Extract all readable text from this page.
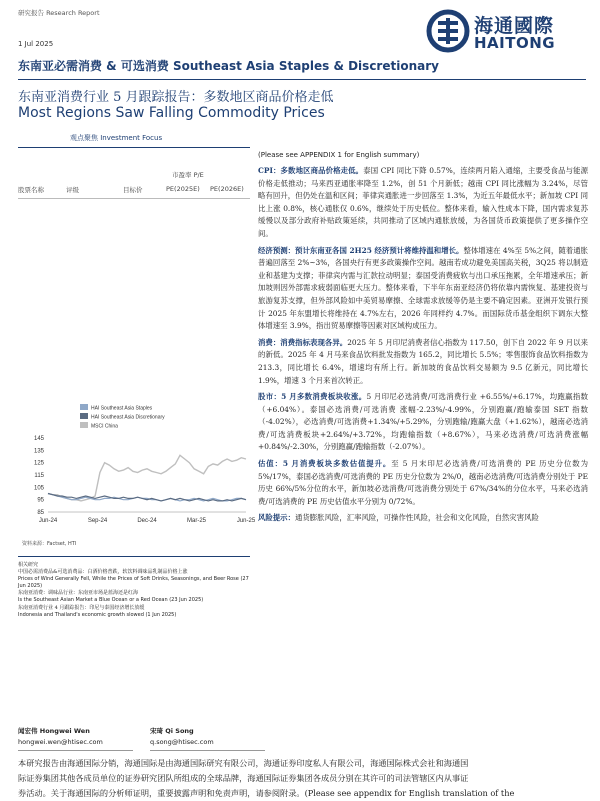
研究报告 Research Report
1 Jul 2025
海通國際
HAITONG
东南亚必需消费 & 可选消费 Southeast Asia Staples & Discretionary
东南亚消费行业 5 月跟踪报告：多数地区商品价格走低
Most Regions Saw Falling Commodity Prices
观点聚焦 Investment Focus
市盈率 P/E
股票名称	评级	目标价	PE(2025E) PE(2026E)
HAI Southeast Asia Staples
HAI Southeast Asia Discretionary
MSCI China
85
95
105
115
125
135
145
Jun-24	Sep-24	Dec-24	Mar-25	Jun-25
资料来源：Factset, HTI
相关研究
中国必需消费品&可选消费品：白酒价格普跌，软饮料调味品乳制品价格上涨
Prices of Wind Generally Fell, While the Prices of Soft Drinks, Seasonings, and Beer Rose (27 Jun 2025)
东南亚消费：调味品行业：东南亚市场是蓝海还是红海
Is the Southeast Asian Market a Blue Ocean or a Red Ocean (23 Jun 2025)
东南亚消费行业 4 月跟踪报告：印尼与泰国经济增长放缓
Indonesia and Thailand's economic growth slowed (1 Jun 2025)
(Please see APPENDIX 1 for English summary)

CPI：多数地区商品价格走低。泰国 CPI 同比下降 0.57%，连续两月陷入通缩，主要受食品与能源价格走低推动；马来西亚通胀率降至 1.2%，创 51 个月新低；越南 CPI 同比涨幅为 3.24%，尽管略有回升，但仍处在温和区间；菲律宾通胀进一步回落至 1.3%，为近五年最低水平；新加坡 CPI 同比上涨 0.8%，核心通胀仅 0.6%，继续处于历史低位。整体来看，输入性成本下降，国内需求复苏缓慢以及部分政府补贴政策延续，共同推动了区域内通胀放缓，为各国货币政策提供了更多操作空间。

经济预测：预计东南亚各国 2H25 经济预计将维持温和增长。整体增速在 4%至 5%之间，随着通胀普遍回落至 2%~3%，各国央行有更多政策操作空间。越南若成功避免美国高关税，3Q25 将以制造业和基建为支撑；菲律宾内需与汇款拉动明显；泰国受消费疲软与出口承压拖累，全年增速承压；新加坡则因外部需求疲弱面临更大压力。整体来看，下半年东南亚经济仍将依靠内需恢复、基建投资与旅游复苏支撑，但外部风险如中美贸易摩擦、全球需求放缓等仍是主要不确定因素。亚洲开发银行预计 2025 年东盟增长将维持在 4.7%左右，2026 年同样约 4.7%。而国际货币基金组织下调东大整体增速至 3.9%，指出贸易摩擦等因素对区域构成压力。

消费：消费指标表现各异。2025 年 5 月印尼消费者信心指数为 117.50，创下自 2022 年 9 月以来的新低。2025 年 4 月马来食品饮料批发指数为 165.2，同比增长 5.5%；零售服饰食品饮料指数为 213.3，同比增长 6.4%，增速均有所上行。新加坡的食品饮料交易额为 9.5 亿新元，同比增长 1.9%，增速 3 个月来首次转正。

股市：5 月多数消费板块收涨。5 月印尼必选消费/可选消费行业 +6.55%/+6.17%，均跑赢指数（+6.04%）。泰国必选消费/可选消费 涨幅-2.23%/-4.99%，分别跑赢/跑输泰国 SET 指数（-4.02%），必选消费/可选消费+1.34%/+5.29%，分别跑输/跑赢大盘（+1.62%），越南必选消费/可选消费板块+2.64%/+3.72%，均跑输指数（+8.67%），马来必选消费/可选消费涨幅+0.84%/-2.30%，分别跑赢/跑输指数（-2.07%）。

估值：5 月消费板块多数估值提升。至 5 月末印尼必选消费/可选消费的 PE 历史分位数为 5%/17%，泰国必选消费/可选消费的 PE 历史分位数为 2%/0，越南必选消费/可选消费分别处于 PE 历史 66%/5%分位的水平，新加坡必选消费/可选消费分别处于 67%/34%的分位水平，马来必选消费/可选消费的 PE 历史估值水平分别为 0/72%。

风险提示：通货膨胀风险，汇率风险，可操作性风险，社会和文化风险，自然灾害风险

闻宏伟 Hongwei Wen
hongwei.wen@htisec.com
宋琦 Qi Song
q.song@htisec.com
本研究报告由海通国际分销，海通国际是由海通国际研究有限公司，海通证券印度私人有限公司，海通国际株式会社和海通国
际证券集团其他各成员单位的证券研究团队所组成的全球品牌，海通国际证券集团各成员分别在其许可的司法管辖区内从事证
券活动。关于海通国际的分析师证明，重要披露声明和免责声明，请参阅附录。(Please see appendix for English translation of the
